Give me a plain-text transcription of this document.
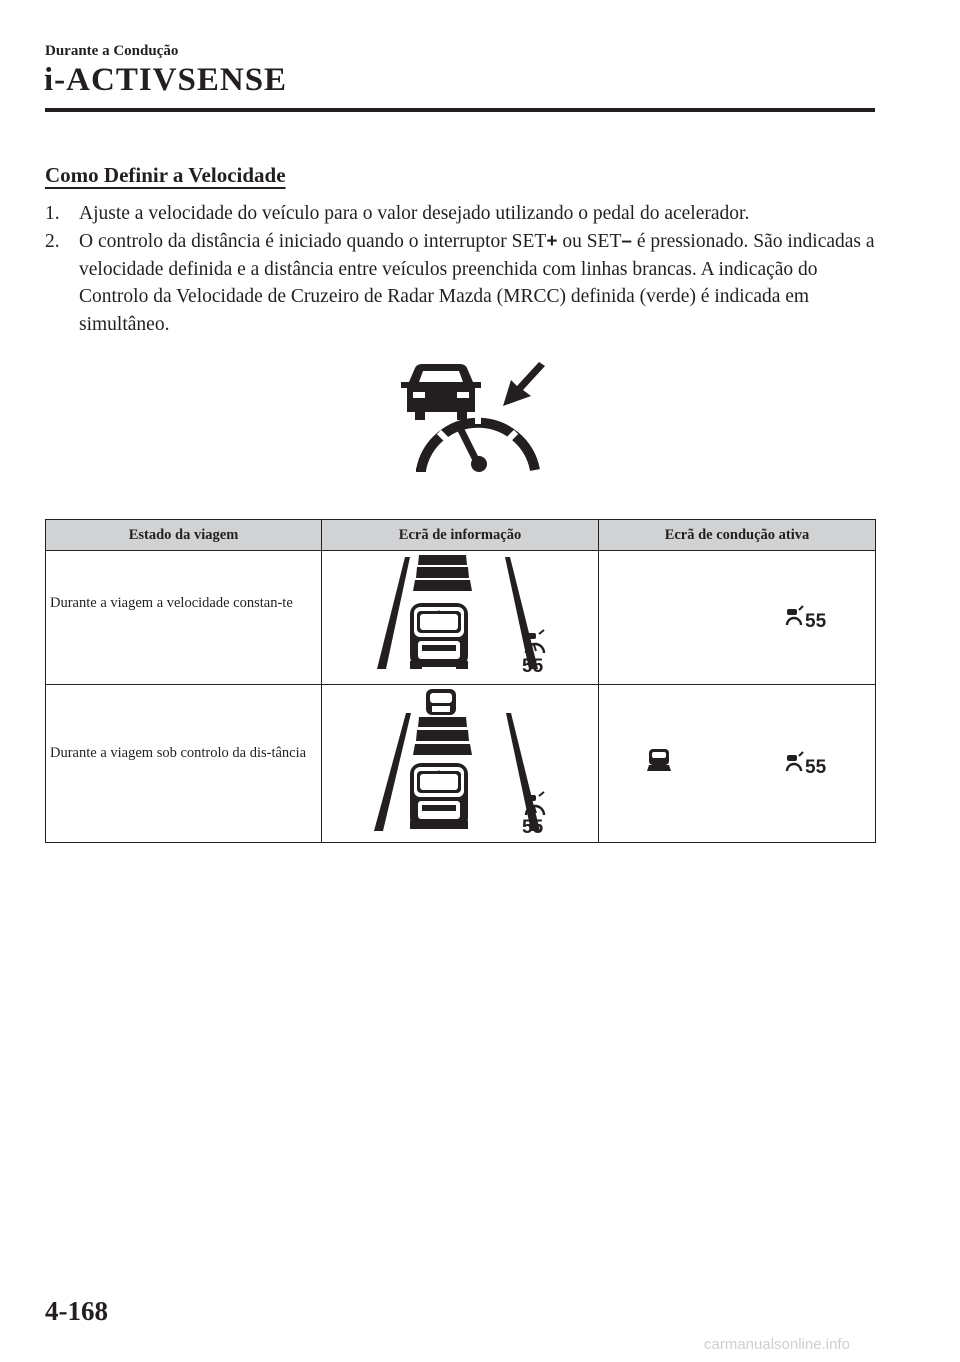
Durante a Condução
i-ACTIVSENSE
Como Definir a Velocidade
1. Ajuste a velocidade do veículo para o valor desejado utilizando o pedal do acelerador.
2. O controlo da distância é iniciado quando o interruptor SET+ ou SET– é pressionado. São indicadas a velocidade definida e a distância entre veículos preenchida com linhas brancas. A indicação do Controlo da Velocidade de Cruzeiro de Radar Mazda (MRCC) definida (verde) é indicada em simultâneo.
Estado da viagem	Ecrã de informação	Ecrã de condução ativa

Durante a viagem a velocidade constan-te	55	55

Durante a viagem sob controlo da dis-tância	55	55
4-168
carmanualsonline.info
